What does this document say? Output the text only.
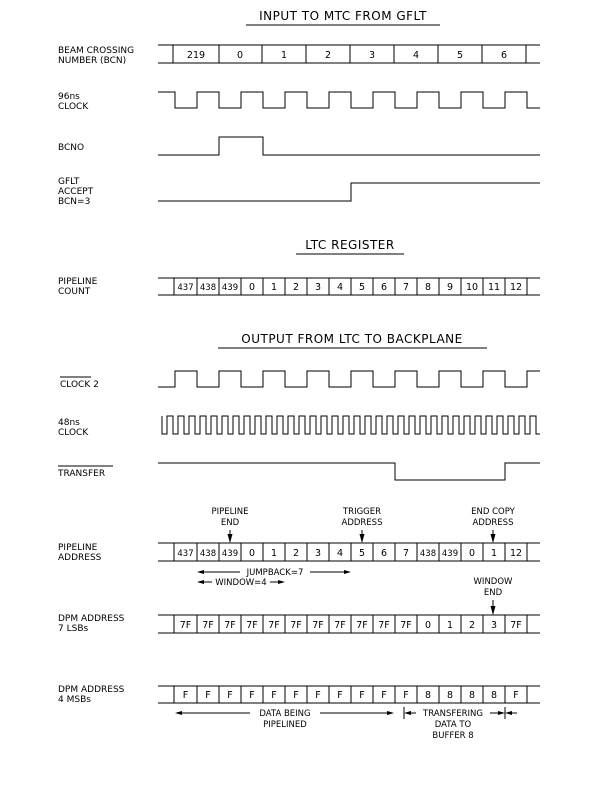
INPUT TO MTC FROM GFLT
LTC REGISTER
OUTPUT FROM LTC TO BACKPLANE
BEAM CROSSING NUMBER (BCN)
96ns CLOCK
BCNO
GFLT ACCEPT BCN=3
PIPELINE COUNT
CLOCK 2
48ns CLOCK
TRANSFER
PIPELINE ADDRESS
DPM ADDRESS 7 LSBs
DPM ADDRESS 4 MSBs
219	0	1	2	3	4	5	6
437 438 439 0 1 2 3 4 5 6 7 8 9 10 11 12
PIPELINE END
TRIGGER ADDRESS
END COPY ADDRESS
437 438 439 0 1 2 3 4 5 6 7 438 439 0 1 12
JUMPBACK=7
WINDOW=4	WINDOW END
7F 7F 7F 7F 7F 7F 7F 7F 7F 7F 7F 0 1 2 3 7F
F F F F F F F F F F F 8 8 8 8 F
DATA BEING PIPELINED
TRANSFERING DATA TO BUFFER 8
